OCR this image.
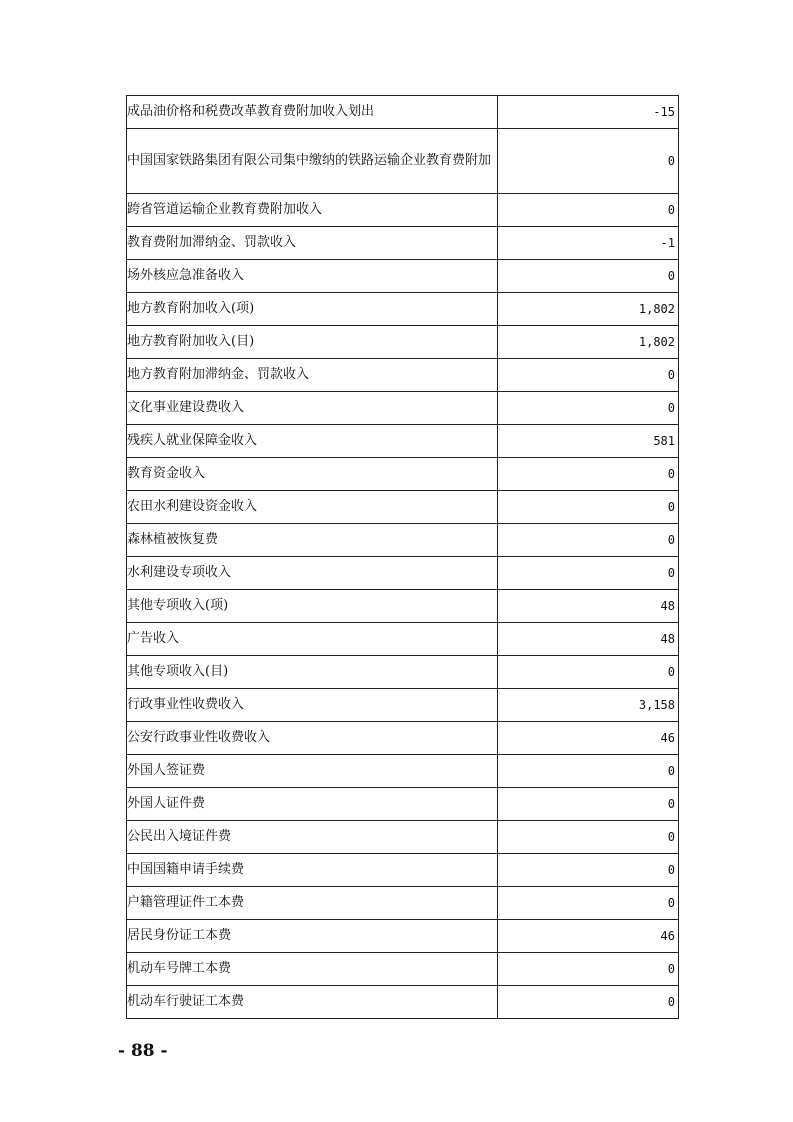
成品油价格和税费改革教育费附加收入划出	-15
中国国家铁路集团有限公司集中缴纳的铁路运输企业教育费附加	0
跨省管道运输企业教育费附加收入	0
教育费附加滞纳金、罚款收入	-1
场外核应急准备收入	0
地方教育附加收入(项)	1,802
地方教育附加收入(目)	1,802
地方教育附加滞纳金、罚款收入	0
文化事业建设费收入	0
残疾人就业保障金收入	581
教育资金收入	0
农田水利建设资金收入	0
森林植被恢复费	0
水利建设专项收入	0
其他专项收入(项)	48
广告收入	48
其他专项收入(目)	0
行政事业性收费收入	3,158
公安行政事业性收费收入	46
外国人签证费	0
外国人证件费	0
公民出入境证件费	0
中国国籍申请手续费	0
户籍管理证件工本费	0
居民身份证工本费	46
机动车号牌工本费	0
机动车行驶证工本费	0
- 88 -
